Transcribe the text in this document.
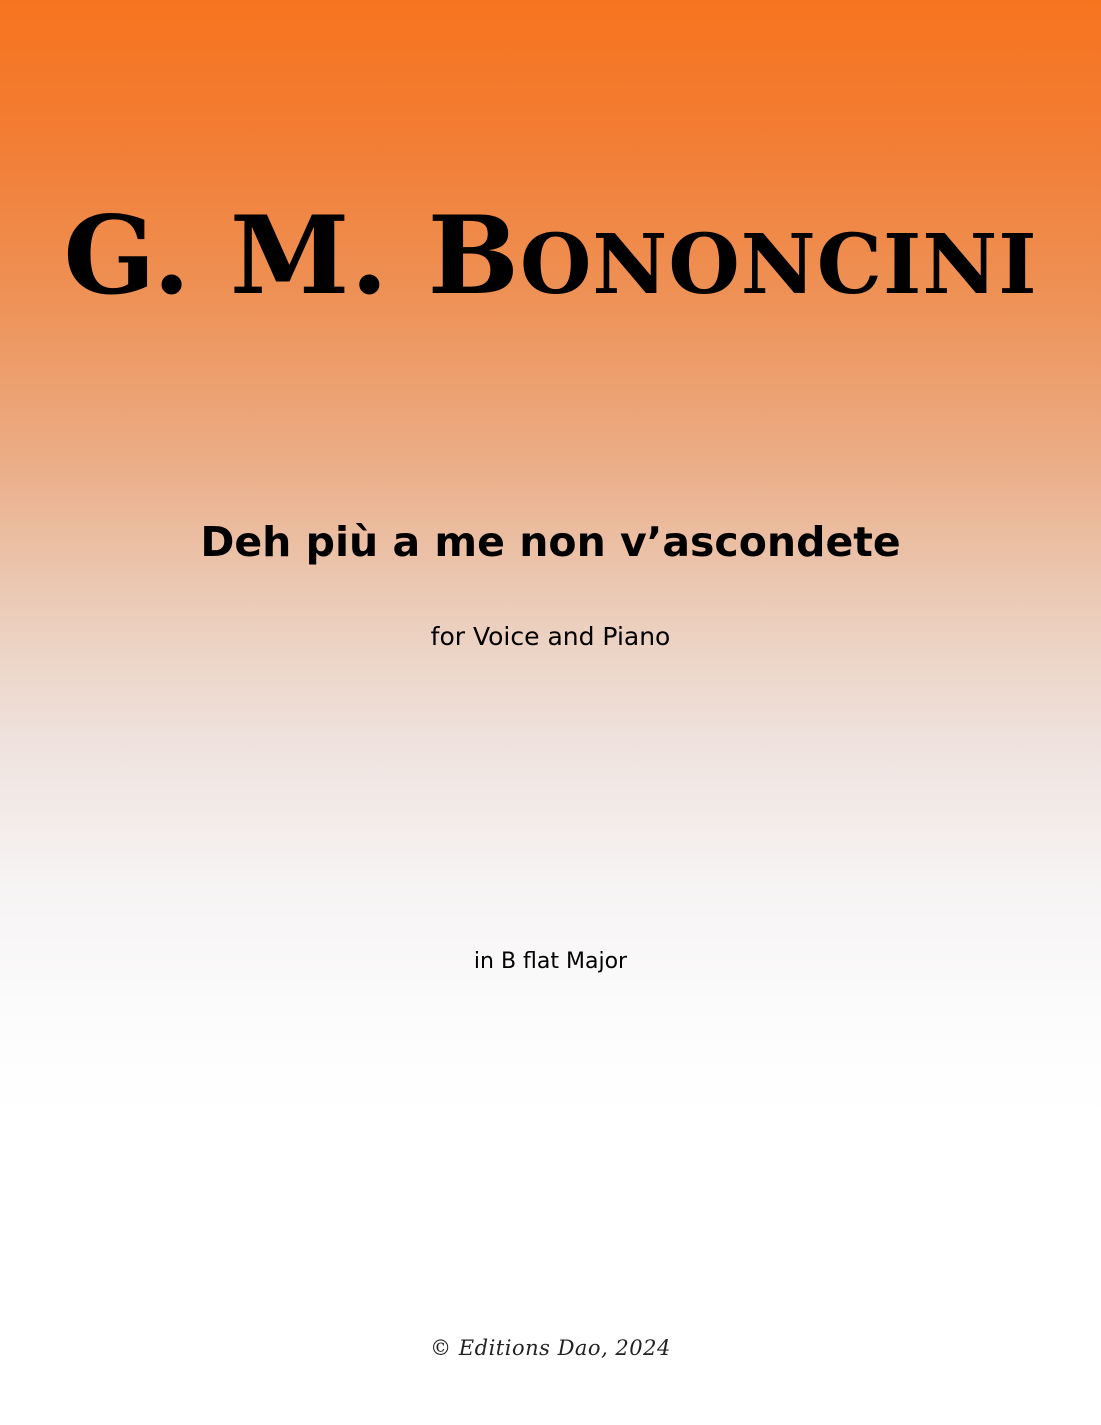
G. M. BONONCINI
Deh più a me non v’ascondete
for Voice and Piano
in B flat Major
© Editions Dao, 2024
